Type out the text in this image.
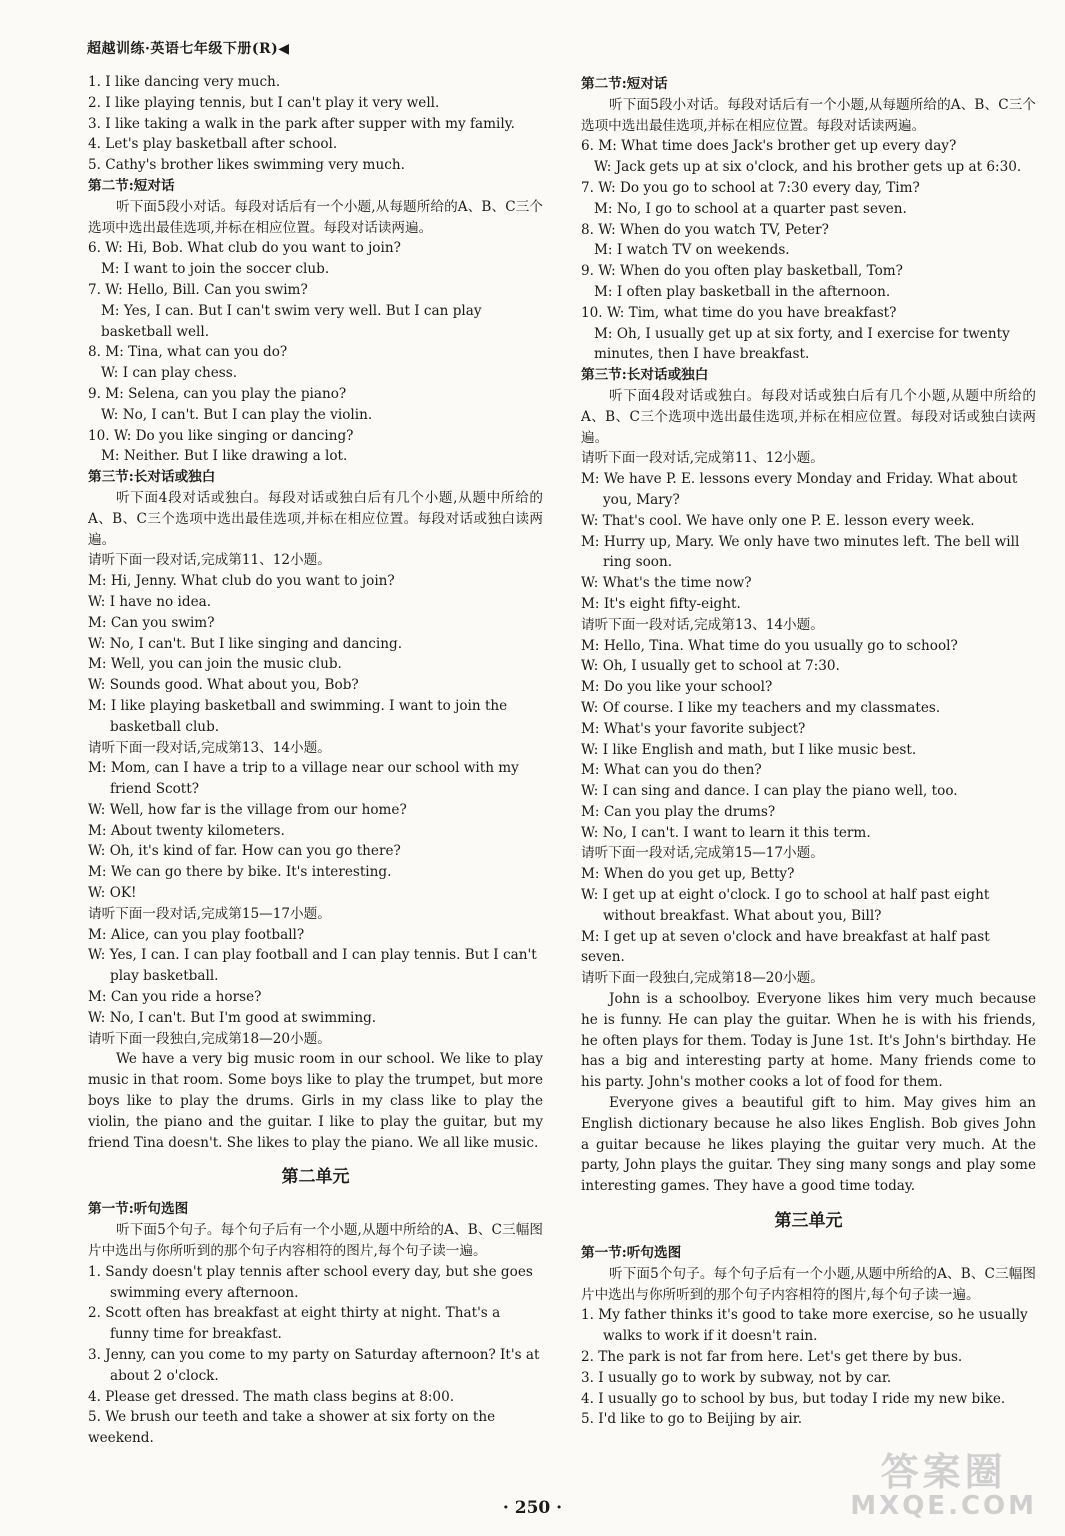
超越训练·英语七年级下册(R)◀

1. I like dancing very much.

2. I like playing tennis, but I can't play it very well.

3. I like taking a walk in the park after supper with my family.

4. Let's play basketball after school.

5. Cathy's brother likes swimming very much.

第二节:短对话

听下面5段小对话。每段对话后有一个小题,从每题所给的A、B、C三个选项中选出最佳选项,并标在相应位置。每段对话读两遍。

6. W: Hi, Bob. What club do you want to join?

M: I want to join the soccer club.

7. W: Hello, Bill. Can you swim?

M: Yes, I can. But I can't swim very well. But I can play basketball well.

8. M: Tina, what can you do?

W: I can play chess.

9. M: Selena, can you play the piano?

W: No, I can't. But I can play the violin.

10. W: Do you like singing or dancing?

M: Neither. But I like drawing a lot.

第三节:长对话或独白

听下面4段对话或独白。每段对话或独白后有几个小题,从题中所给的A、B、C三个选项中选出最佳选项,并标在相应位置。每段对话或独白读两遍。

请听下面一段对话,完成第11、12小题。

M: Hi, Jenny. What club do you want to join?

W: I have no idea.

M: Can you swim?

W: No, I can't. But I like singing and dancing.

M: Well, you can join the music club.

W: Sounds good. What about you, Bob?

M: I like playing basketball and swimming. I want to join the basketball club.

请听下面一段对话,完成第13、14小题。

M: Mom, can I have a trip to a village near our school with my friend Scott?

W: Well, how far is the village from our home?

M: About twenty kilometers.

W: Oh, it's kind of far. How can you go there?

M: We can go there by bike. It's interesting.

W: OK!

请听下面一段对话,完成第15—17小题。

M: Alice, can you play football?

W: Yes, I can. I can play football and I can play tennis. But I can't play basketball.

M: Can you ride a horse?

W: No, I can't. But I'm good at swimming.

请听下面一段独白,完成第18—20小题。

We have a very big music room in our school. We like to play music in that room. Some boys like to play the trumpet, but more boys like to play the drums. Girls in my class like to play the violin, the piano and the guitar. I like to play the guitar, but my friend Tina doesn't. She likes to play the piano. We all like music.

第二单元

第一节:听句选图

听下面5个句子。每个句子后有一个小题,从题中所给的A、B、C三幅图片中选出与你所听到的那个句子内容相符的图片,每个句子读一遍。

1. Sandy doesn't play tennis after school every day, but she goes swimming every afternoon.

2. Scott often has breakfast at eight thirty at night. That's a funny time for breakfast.

3. Jenny, can you come to my party on Saturday afternoon? It's at about 2 o'clock.

4. Please get dressed. The math class begins at 8:00.

5. We brush our teeth and take a shower at six forty on the weekend.

第二节:短对话

听下面5段小对话。每段对话后有一个小题,从每题所给的A、B、C三个选项中选出最佳选项,并标在相应位置。每段对话读两遍。

6. M: What time does Jack's brother get up every day?

W: Jack gets up at six o'clock, and his brother gets up at 6:30.

7. W: Do you go to school at 7:30 every day, Tim?

M: No, I go to school at a quarter past seven.

8. W: When do you watch TV, Peter?

M: I watch TV on weekends.

9. W: When do you often play basketball, Tom?

M: I often play basketball in the afternoon.

10. W: Tim, what time do you have breakfast?

M: Oh, I usually get up at six forty, and I exercise for twenty minutes, then I have breakfast.

第三节:长对话或独白

听下面4段对话或独白。每段对话或独白后有几个小题,从题中所给的A、B、C三个选项中选出最佳选项,并标在相应位置。每段对话或独白读两遍。

请听下面一段对话,完成第11、12小题。

M: We have P. E. lessons every Monday and Friday. What about you, Mary?

W: That's cool. We have only one P. E. lesson every week.

M: Hurry up, Mary. We only have two minutes left. The bell will ring soon.

W: What's the time now?

M: It's eight fifty-eight.

请听下面一段对话,完成第13、14小题。

M: Hello, Tina. What time do you usually go to school?

W: Oh, I usually get to school at 7:30.

M: Do you like your school?

W: Of course. I like my teachers and my classmates.

M: What's your favorite subject?

W: I like English and math, but I like music best.

M: What can you do then?

W: I can sing and dance. I can play the piano well, too.

M: Can you play the drums?

W: No, I can't. I want to learn it this term.

请听下面一段对话,完成第15—17小题。

M: When do you get up, Betty?

W: I get up at eight o'clock. I go to school at half past eight without breakfast. What about you, Bill?

M: I get up at seven o'clock and have breakfast at half past seven.

请听下面一段独白,完成第18—20小题。

John is a schoolboy. Everyone likes him very much because he is funny. He can play the guitar. When he is with his friends, he often plays for them. Today is June 1st. It's John's birthday. He has a big and interesting party at home. Many friends come to his party. John's mother cooks a lot of food for them.

Everyone gives a beautiful gift to him. May gives him an English dictionary because he also likes English. Bob gives John a guitar because he likes playing the guitar very much. At the party, John plays the guitar. They sing many songs and play some interesting games. They have a good time today.

第三单元

第一节:听句选图

听下面5个句子。每个句子后有一个小题,从题中所给的A、B、C三幅图片中选出与你所听到的那个句子内容相符的图片,每个句子读一遍。

1. My father thinks it's good to take more exercise, so he usually walks to work if it doesn't rain.

2. The park is not far from here. Let's get there by bus.

3. I usually go to work by subway, not by car.

4. I usually go to school by bus, but today I ride my new bike.

5. I'd like to go to Beijing by air.

· 250 ·
答案圈
MXQE.COM
